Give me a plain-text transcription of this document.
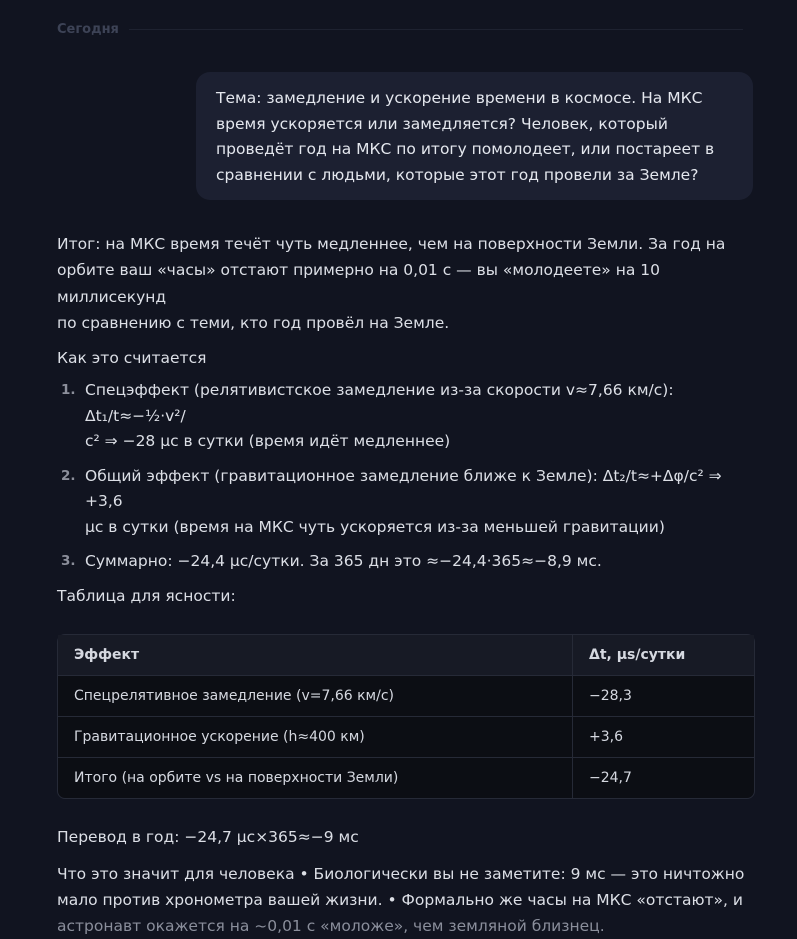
Сегодня
Тема: замедление и ускорение времени в космосе. На МКС
время ускоряется или замедляется? Человек, который
проведёт год на МКС по итогу помолодеет, или постареет в
сравнении с людьми, которые этот год провели за Земле?

Итог: на МКС время течёт чуть медленнее, чем на поверхности Земли. За год на
орбите ваш «часы» отстают примерно на 0,01 с — вы «молодеете» на 10 миллисекунд
по сравнению с теми, кто год провёл на Земле.

Как это считается

1. Спецэффект (релятивистское замедление из-за скорости v≈7,66 км/с): Δt₁/t≈−½·v²/
c² ⇒ −28 μс в сутки (время идёт медленнее)
2. Общий эффект (гравитационное замедление ближе к Земле): Δt₂/t≈+Δφ/c² ⇒ +3,6
μс в сутки (время на МКС чуть ускоряется из-за меньшей гравитации)
3. Суммарно: −24,4 μс/сутки. За 365 дн это ≈−24,4·365≈−8,9 мс.

Таблица для ясности:

Эффект	Δt, μs/сутки
Спецрелятивное замедление (v=7,66 км/с)	−28,3
Гравитационное ускорение (h≈400 км)	+3,6
Итого (на орбите vs на поверхности Земли)	−24,7

Перевод в год: −24,7 μс×365≈−9 мс

Что это значит для человека • Биологически вы не заметите: 9 мс — это ничтожно
мало против хронометра вашей жизни. • Формально же часы на МКС «отстают», и
астронавт окажется на ~0,01 с «моложе», чем земляной близнец.
